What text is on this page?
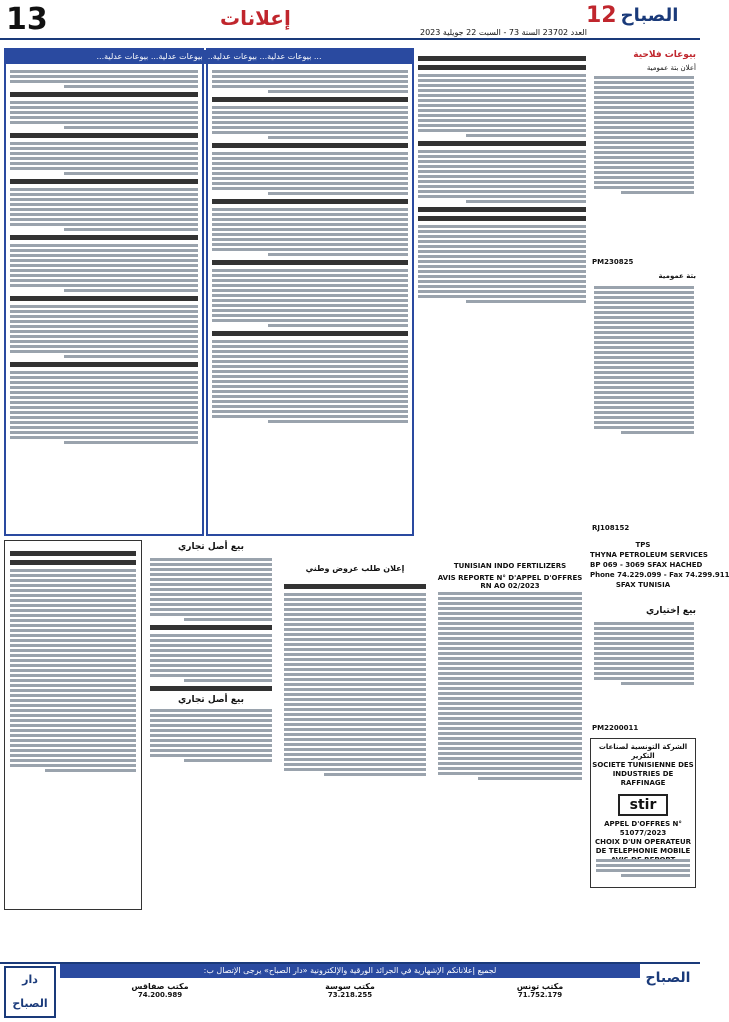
13	إعلانات
العدد 23702 السنة 73 - السبت 22 جويلية 2023
الصباح
12
... بيوعات عدلية... بيوعات عدلية... بيوعات عدلية... بيوعات عدلية...	بيوعات فلاحية
أعلان بتة عمومية
PM230825
بتة عمومية
RJ108152
TPS
THYNA PETROLEUM SERVICES
BP 069 - 3069 SFAX HACHED
Phone 74.229.099 - Fax 74.299.911
SFAX TUNISIA
بيع إختياري
PM2200011
الشركة التونسية لصناعات التكرير
SOCIETE TUNISIENNE DES INDUSTRIES DE RAFFINAGE
stir
APPEL D'OFFRES N° 51077/2023
CHOIX D'UN OPERATEUR DE TELEPHONIE MOBILE
بيع أصل تجاري
بيع أصل تجاري
إعلان طلب عروض وطني	TUNISIAN INDO FERTILIZERS
AVIS REPORTE N° D'APPEL D'OFFRES RN AO 02/2023
دار الصباح
لجميع إعلاناتكم الإشهارية في الجرائد الورقية والإلكترونية «دار الصباح» يرجى الإتصال ب:
مكتب صفاقس
74.200.989
مكتب سوسة
73.218.255
مكتب تونس
71.752.179
الصباح
